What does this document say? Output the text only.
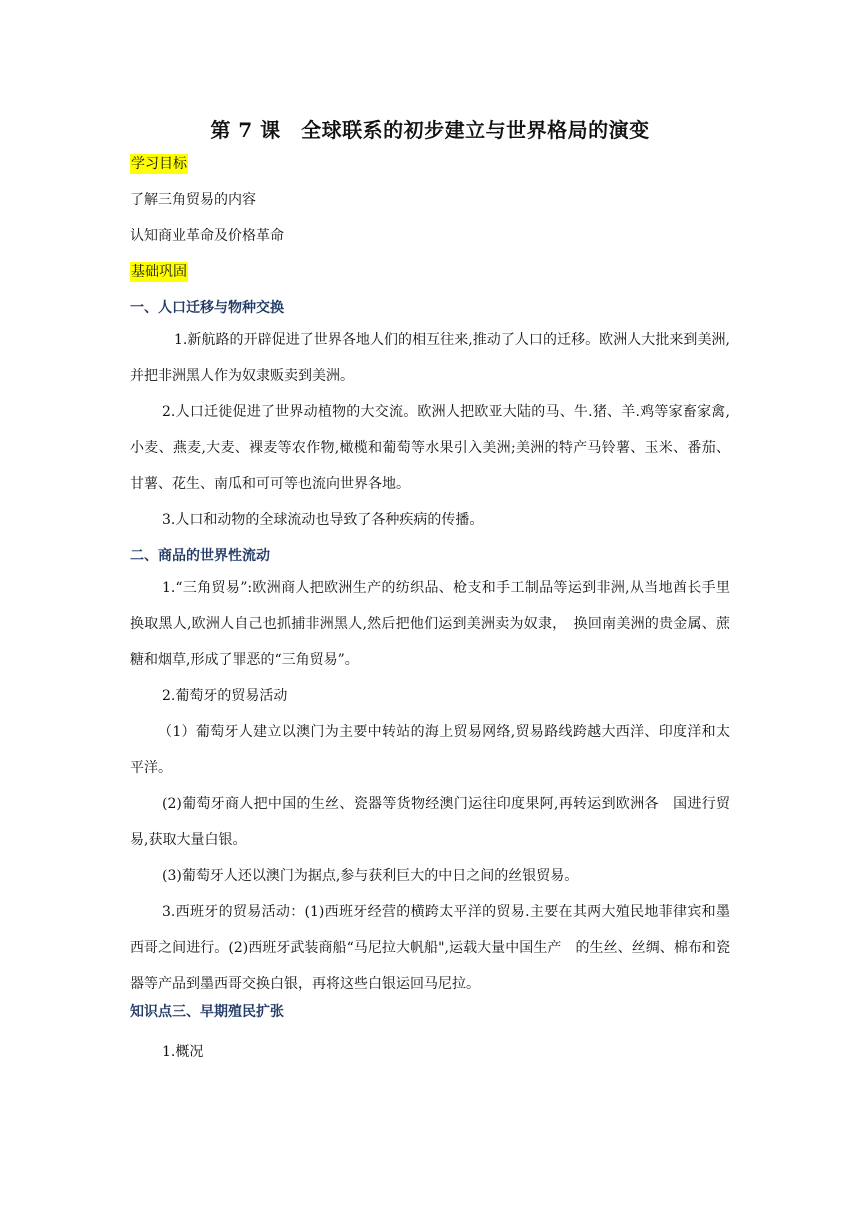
第 7 课　全球联系的初步建立与世界格局的演变
学习目标
了解三角贸易的内容
认知商业革命及价格革命
基础巩固
一、人口迁移与物种交换
1.新航路的开辟促进了世界各地人们的相互往来,推动了人口的迁移。欧洲人大批来到美洲,并把非洲黑人作为奴隶贩卖到美洲。
2.人口迁徙促进了世界动植物的大交流。欧洲人把欧亚大陆的马、牛.猪、羊.鸡等家畜家禽,小麦、燕麦,大麦、裸麦等农作物,橄榄和葡萄等水果引入美洲;美洲的特产马铃薯、玉米、番茄、甘薯、花生、南瓜和可可等也流向世界各地。
3.人口和动物的全球流动也导致了各种疾病的传播。
二、商品的世界性流动
1.“三角贸易”:欧洲商人把欧洲生产的纺织品、枪支和手工制品等运到非洲,从当地酋长手里换取黑人,欧洲人自己也抓捕非洲黑人,然后把他们运到美洲卖为奴隶，　换回南美洲的贵金属、蔗糖和烟草,形成了罪恶的“三角贸易”。
2.葡萄牙的贸易活动
（1）葡萄牙人建立以澳门为主要中转站的海上贸易网络,贸易路线跨越大西洋、印度洋和太平洋。
(2)葡萄牙商人把中国的生丝、瓷器等货物经澳门运往印度果阿,再转运到欧洲各　国进行贸易,获取大量白银。
(3)葡萄牙人还以澳门为据点,参与获利巨大的中日之间的丝银贸易。
3.西班牙的贸易活动：(1)西班牙经营的横跨太平洋的贸易.主要在其两大殖民地菲律宾和墨西哥之间进行。(2)西班牙武装商船“马尼拉大帆船",运载大量中国生产　的生丝、丝绸、棉布和瓷器等产品到墨西哥交换白银，再将这些白银运回马尼拉。
知识点三、早期殖民扩张
1.概况
